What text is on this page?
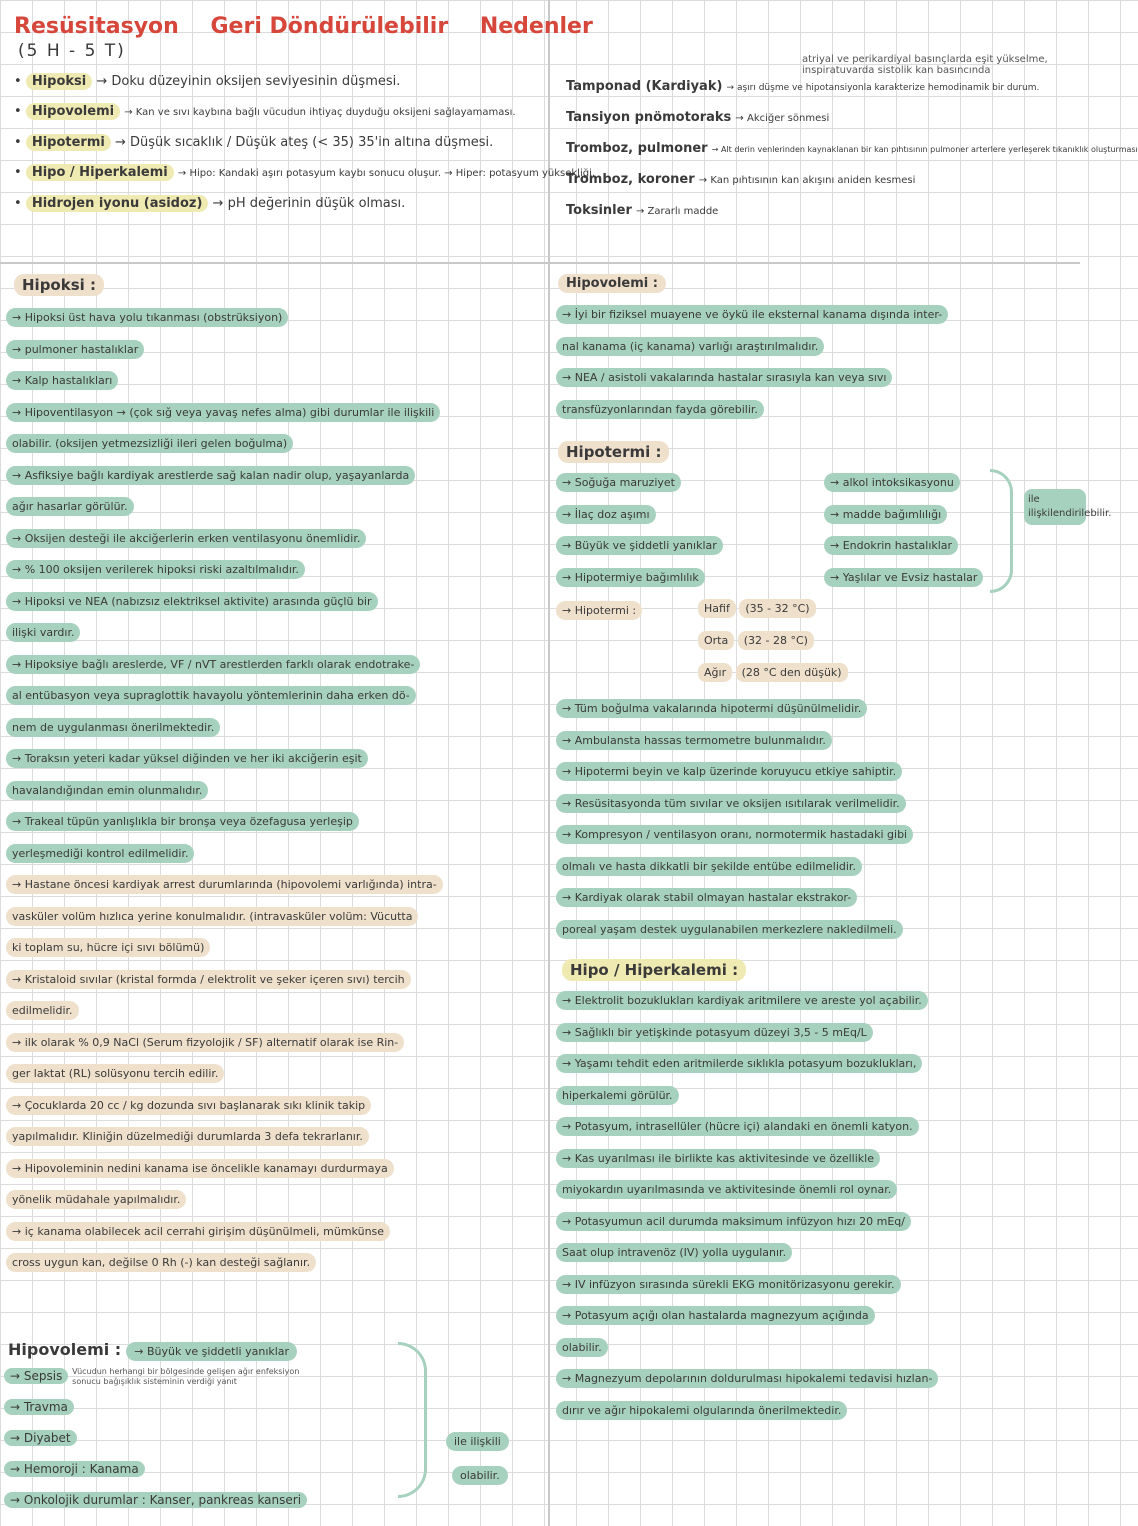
Resüsitasyon Geri Döndürülebilir Nedenler
(5 H - 5 T)
• Hipoksi → Doku düzeyinin oksijen seviyesinin düşmesi.
• Hipovolemi → Kan ve sıvı kaybına bağlı vücudun ihtiyaç duyduğu oksijeni sağlayamaması.
• Hipotermi → Düşük sıcaklık / Düşük ateş (< 35) 35'in altına düşmesi.
• Hipo / Hiperkalemi → Hipo: Kandaki aşırı potasyum kaybı sonucu oluşur. → Hiper: potasyum yüksekliği.
• Hidrojen iyonu (asidoz) → pH değerinin düşük olması.
atriyal ve perikardiyal basınçlarda eşit yükselme, inspiratuvarda sistolik kan basıncında
Tamponad (Kardiyak) → aşırı düşme ve hipotansiyonla karakterize hemodinamik bir durum.
Tansiyon pnömotoraks → Akciğer sönmesi
Tromboz, pulmoner → Alt derin venlerinden kaynaklanan bir kan pıhtısının pulmoner arterlere yerleşerek tıkanıklık oluşturması
Tromboz, koroner → Kan pıhtısının kan akışını aniden kesmesi
Toksinler → Zararlı madde
Hipoksi :
→ Hipoksi üst hava yolu tıkanması (obstrüksiyon)
→ pulmoner hastalıklar
→ Kalp hastalıkları
→ Hipoventilasyon → (çok sığ veya yavaş nefes alma) gibi durumlar ile ilişkili
olabilir. (oksijen yetmezsizliği ileri gelen boğulma)
→ Asfiksiye bağlı kardiyak arestlerde sağ kalan nadir olup, yaşayanlarda
ağır hasarlar görülür.
→ Oksijen desteği ile akciğerlerin erken ventilasyonu önemlidir.
→ % 100 oksijen verilerek hipoksi riski azaltılmalıdır.
→ Hipoksi ve NEA (nabızsız elektriksel aktivite) arasında güçlü bir
ilişki vardır.
→ Hipoksiye bağlı areslerde, VF / nVT arestlerden farklı olarak endotrake-
al entübasyon veya supraglottik havayolu yöntemlerinin daha erken dö-
nem de uygulanması önerilmektedir.
→ Toraksın yeteri kadar yüksel diğinden ve her iki akciğerin eşit
havalandığından emin olunmalıdır.
→ Trakeal tüpün yanlışlıkla bir bronşa veya özefagusa yerleşip
yerleşmediği kontrol edilmelidir.
→ Hastane öncesi kardiyak arrest durumlarında (hipovolemi varlığında) intra-
vasküler volüm hızlıca yerine konulmalıdır. (intravasküler volüm: Vücutta
ki toplam su, hücre içi sıvı bölümü)
→ Kristaloid sıvılar (kristal formda / elektrolit ve şeker içeren sıvı) tercih
edilmelidir.
→ ilk olarak % 0,9 NaCl (Serum fizyolojik / SF) alternatif olarak ise Rin-
ger laktat (RL) solüsyonu tercih edilir.
→ Çocuklarda 20 cc / kg dozunda sıvı başlanarak sıkı klinik takip
yapılmalıdır. Kliniğin düzelmediği durumlarda 3 defa tekrarlanır.
→ Hipovoleminin nedini kanama ise öncelikle kanamayı durdurmaya
yönelik müdahale yapılmalıdır.
→ iç kanama olabilecek acil cerrahi girişim düşünülmeli, mümkünse
cross uygun kan, değilse 0 Rh (-) kan desteği sağlanır.
Hipovolemi : → Büyük ve şiddetli yanıklar
→ Sepsis Vücudun herhangi bir bölgesinde gelişen ağır enfeksiyon sonucu bağışıklık sisteminin verdiği yanıt
→ Travma
→ Diyabet
→ Hemoroji : Kanama
→ Onkolojik durumlar : Kanser, pankreas kanseri
ile ilişkili
olabilir.
Hipovolemi :
→ İyi bir fiziksel muayene ve öykü ile eksternal kanama dışında inter-
nal kanama (iç kanama) varlığı araştırılmalıdır.
→ NEA / asistoli vakalarında hastalar sırasıyla kan veya sıvı
transfüzyonlarından fayda görebilir.
Hipotermi :
→ Soğuğa maruziyet
→ İlaç doz aşımı
→ Büyük ve şiddetli yanıklar
→ Hipotermiye bağımlılık
→ alkol intoksikasyonu
→ madde bağımlılığı
→ Endokrin hastalıklar
→ Yaşlılar ve Evsiz hastalar
ile ilişkilendirilebilir.
→ Hipotermi :	Hafif (35 - 32 °C)
Orta (32 - 28 °C)
Ağır (28 °C den düşük)
→ Tüm boğulma vakalarında hipotermi düşünülmelidir.
→ Ambulansta hassas termometre bulunmalıdır.
→ Hipotermi beyin ve kalp üzerinde koruyucu etkiye sahiptir.
→ Resüsitasyonda tüm sıvılar ve oksijen ısıtılarak verilmelidir.
→ Kompresyon / ventilasyon oranı, normotermik hastadaki gibi
olmalı ve hasta dikkatli bir şekilde entübe edilmelidir.
→ Kardiyak olarak stabil olmayan hastalar ekstrakor-
poreal yaşam destek uygulanabilen merkezlere nakledilmeli.
Hipo / Hiperkalemi :
→ Elektrolit bozuklukları kardiyak aritmilere ve areste yol açabilir.
→ Sağlıklı bir yetişkinde potasyum düzeyi 3,5 - 5 mEq/L
→ Yaşamı tehdit eden aritmilerde sıklıkla potasyum bozuklukları,
hiperkalemi görülür.
→ Potasyum, intrasellüler (hücre içi) alandaki en önemli katyon.
→ Kas uyarılması ile birlikte kas aktivitesinde ve özellikle
miyokardın uyarılmasında ve aktivitesinde önemli rol oynar.
→ Potasyumun acil durumda maksimum infüzyon hızı 20 mEq/
Saat olup intravenöz (IV) yolla uygulanır.
→ IV infüzyon sırasında sürekli EKG monitörizasyonu gerekir.
→ Potasyum açığı olan hastalarda magnezyum açığında
olabilir.
→ Magnezyum depolarının doldurulması hipokalemi tedavisi hızlan-
dırır ve ağır hipokalemi olgularında önerilmektedir.
